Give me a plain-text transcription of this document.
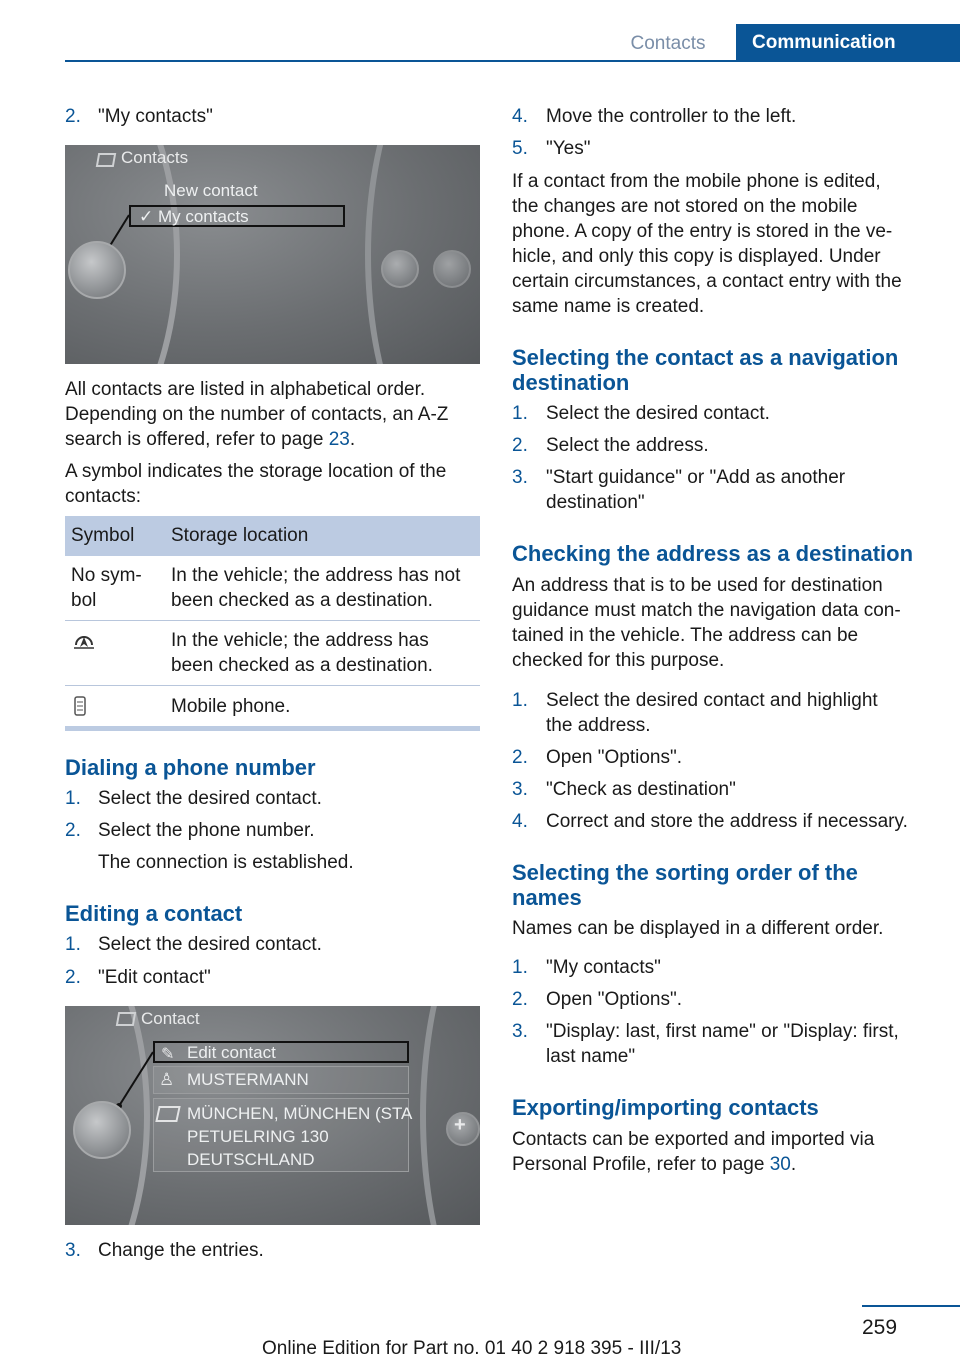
Contacts	Communication
2. "My contacts"
Contacts
New contact
✓ My contacts
All contacts are listed in alphabetical order.
Depending on the number of contacts, an A-Z
search is offered, refer to page 23.
A symbol indicates the storage location of the
contacts:
Symbol Storage location
No sym-
bol
In the vehicle; the address has not
been checked as a destination.
In the vehicle; the address has
been checked as a destination.
Mobile phone.
Dialing a phone number
1. Select the desired contact.
2. Select the phone number.
The connection is established.
Editing a contact
1. Select the desired contact.
2. "Edit contact"
Contact
✎ Edit contact
♙ MUSTERMANN
MÜNCHEN, MÜNCHEN (STA
PETUELRING 130
DEUTSCHLAND
+
3. Change the entries.
4. Move the controller to the left.
5. "Yes"
If a contact from the mobile phone is edited,
the changes are not stored on the mobile
phone. A copy of the entry is stored in the ve‐
hicle, and only this copy is displayed. Under
certain circumstances, a contact entry with the
same name is created.
Selecting the contact as a navigation
destination
1. Select the desired contact.
2. Select the address.
3. "Start guidance" or "Add as another
destination"
Checking the address as a destination
An address that is to be used for destination
guidance must match the navigation data con‐
tained in the vehicle. The address can be
checked for this purpose.
1. Select the desired contact and highlight
the address.
2. Open "Options".
3. "Check as destination"
4. Correct and store the address if necessary.
Selecting the sorting order of the
names
Names can be displayed in a different order.
1. "My contacts"
2. Open "Options".
3. "Display: last, first name" or "Display: first,
last name"
Exporting/importing contacts
Contacts can be exported and imported via
Personal Profile, refer to page 30.
259
Online Edition for Part no. 01 40 2 918 395 - III/13
